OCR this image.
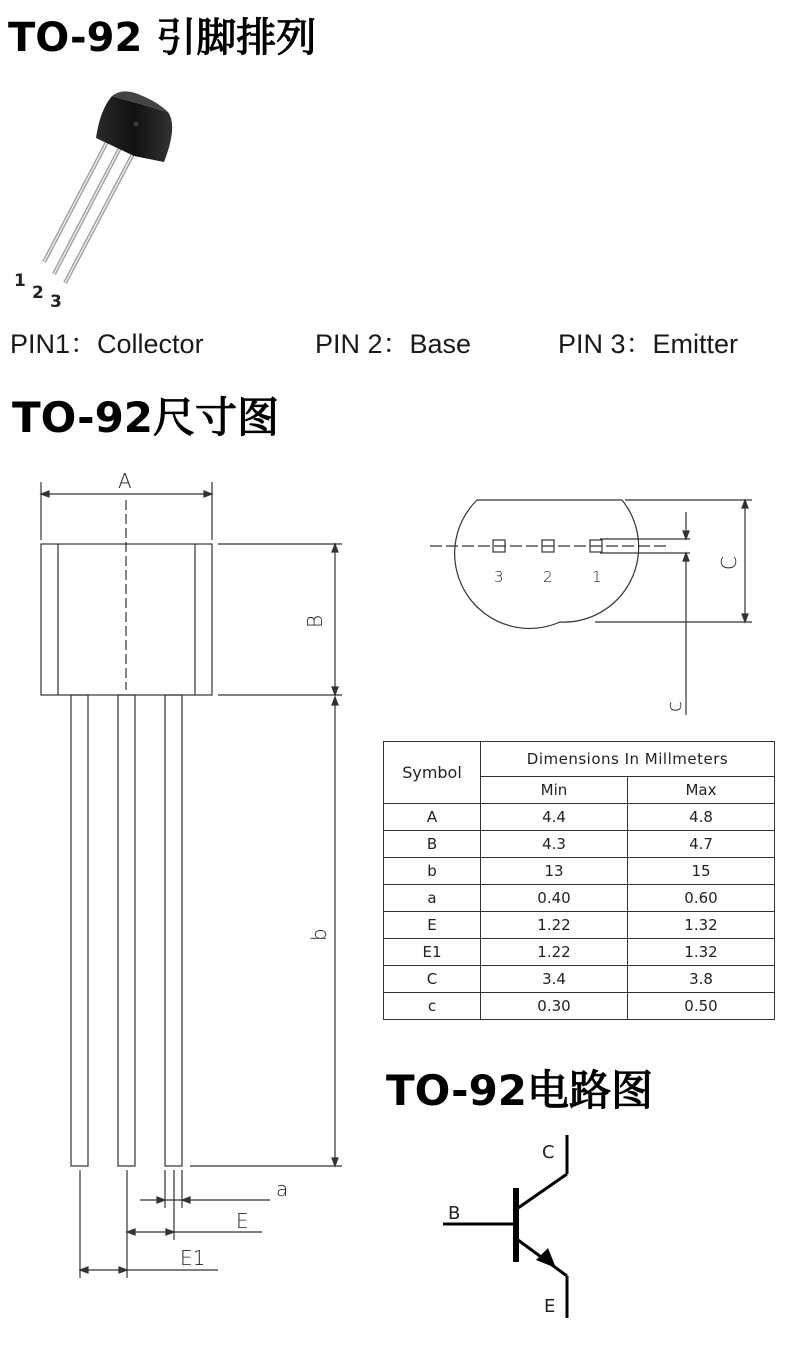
TO-92 引脚排列
TO-92尺寸图
TO-92电路图
PIN1：Collector	PIN 2：Base	PIN 3：Emitter
1
2 3
A
B
b
a
E
E1
3	2	1
C
c
C
B
E
Symbol	Dimensions In Millmeters	
	Min	Max
A	4.4	4.8
B	4.3	4.7
b	13	15
a	0.40	0.60
E	1.22	1.32
E1	1.22	1.32
C	3.4	3.8
c	0.30	0.50
